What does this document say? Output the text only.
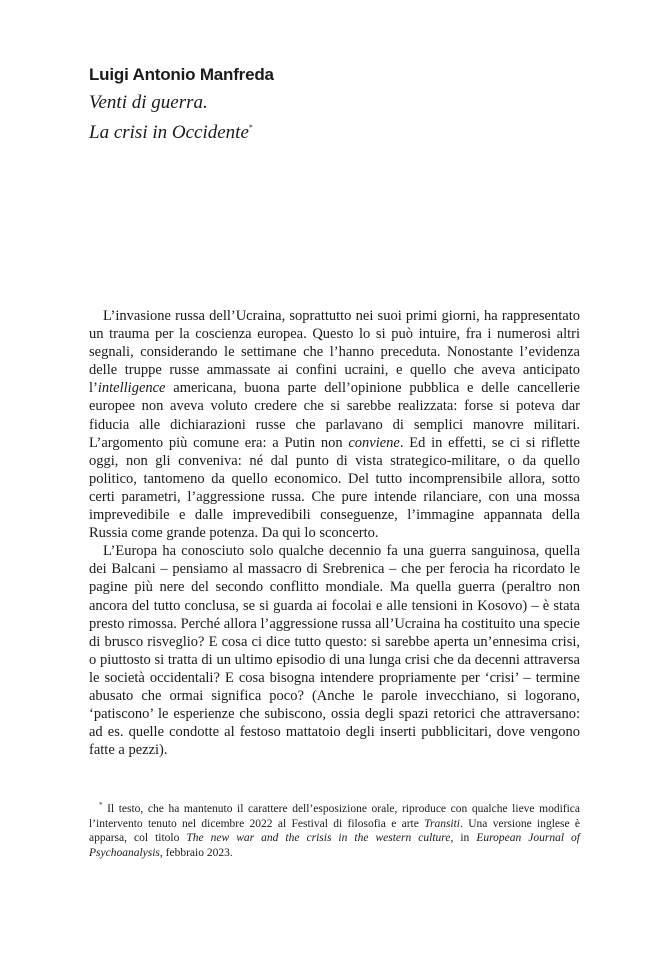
Luigi Antonio Manfreda

Venti di guerra.

La crisi in Occidente*

L’invasione russa dell’Ucraina, soprattutto nei suoi primi giorni, ha rappresentato un trauma per la coscienza europea. Questo lo si può intuire, fra i numerosi altri segnali, considerando le settimane che l’hanno preceduta. Nonostante l’evidenza delle truppe russe ammassate ai confini ucraini, e quello che aveva anticipato l’intelligence americana, buona parte dell’opinione pubblica e delle cancellerie europee non aveva voluto credere che si sarebbe realizzata: forse si poteva dar fiducia alle dichiarazioni russe che parlavano di semplici manovre militari. L’argomento più comune era: a Putin non conviene. Ed in effetti, se ci si riflette oggi, non gli conveniva: né dal punto di vista strategico-militare, o da quello politico, tantomeno da quello economico. Del tutto incomprensibile allora, sotto certi parametri, l’aggressione russa. Che pure intende rilanciare, con una mossa imprevedibile e dalle imprevedibili conseguenze, l’immagine appannata della Russia come grande potenza. Da qui lo sconcerto.

L’Europa ha conosciuto solo qualche decennio fa una guerra sanguinosa, quella dei Balcani – pensiamo al massacro di Srebrenica – che per ferocia ha ricordato le pagine più nere del secondo conflitto mondiale. Ma quella guerra (peraltro non ancora del tutto conclusa, se si guarda ai focolai e alle tensioni in Kosovo) – è stata presto rimossa. Perché allora l’aggressione russa all’Ucraina ha costituito una specie di brusco risveglio? E cosa ci dice tutto questo: si sarebbe aperta un’ennesima crisi, o piuttosto si tratta di un ultimo episodio di una lunga crisi che da decenni attraversa le società occidentali? E cosa bisogna intendere propriamente per ‘crisi’ – termine abusato che ormai significa poco? (Anche le parole invecchiano, si logorano, ‘patiscono’ le esperienze che subiscono, ossia degli spazi retorici che attraversano: ad es. quelle condotte al festoso mattatoio degli inserti pubblicitari, dove vengono fatte a pezzi).

* Il testo, che ha mantenuto il carattere dell’esposizione orale, riproduce con qualche lieve modifica l’intervento tenuto nel dicembre 2022 al Festival di filosofia e arte Transiti. Una versione inglese è apparsa, col titolo The new war and the crisis in the western culture, in European Journal of Psychoanalysis, febbraio 2023.
